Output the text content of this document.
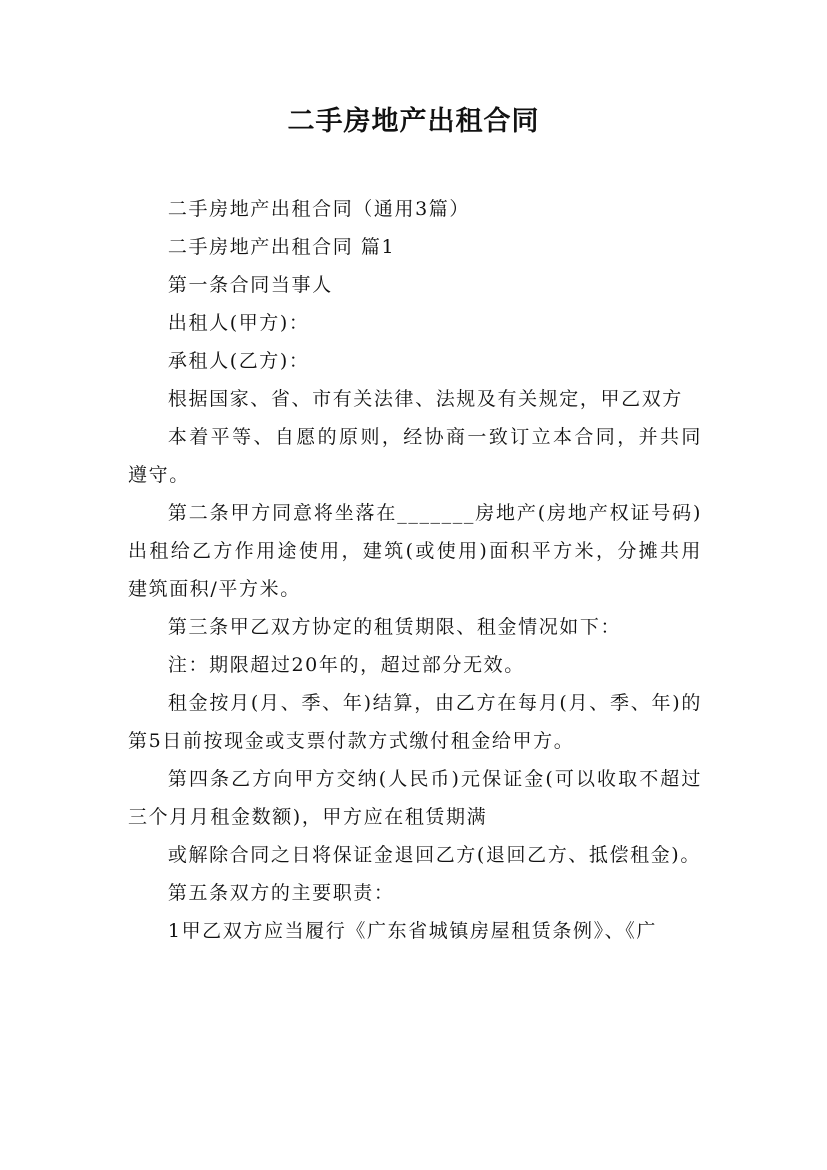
二手房地产出租合同

二手房地产出租合同（通用3篇）

二手房地产出租合同 篇1

第一条合同当事人

出租人(甲方)：

承租人(乙方)：

根据国家、省、市有关法律、法规及有关规定，甲乙双方

本着平等、自愿的原则，经协商一致订立本合同，并共同遵守。

第二条甲方同意将坐落在_______房地产(房地产权证号码)出租给乙方作用途使用，建筑(或使用)面积平方米，分摊共用建筑面积/平方米。

第三条甲乙双方协定的租赁期限、租金情况如下：

注：期限超过20年的，超过部分无效。

租金按月(月、季、年)结算，由乙方在每月(月、季、年)的第5日前按现金或支票付款方式缴付租金给甲方。

第四条乙方向甲方交纳(人民币)元保证金(可以收取不超过三个月月租金数额)，甲方应在租赁期满

或解除合同之日将保证金退回乙方(退回乙方、抵偿租金)。

第五条双方的主要职责：

1甲乙双方应当履行《广东省城镇房屋租赁条例》、《广
